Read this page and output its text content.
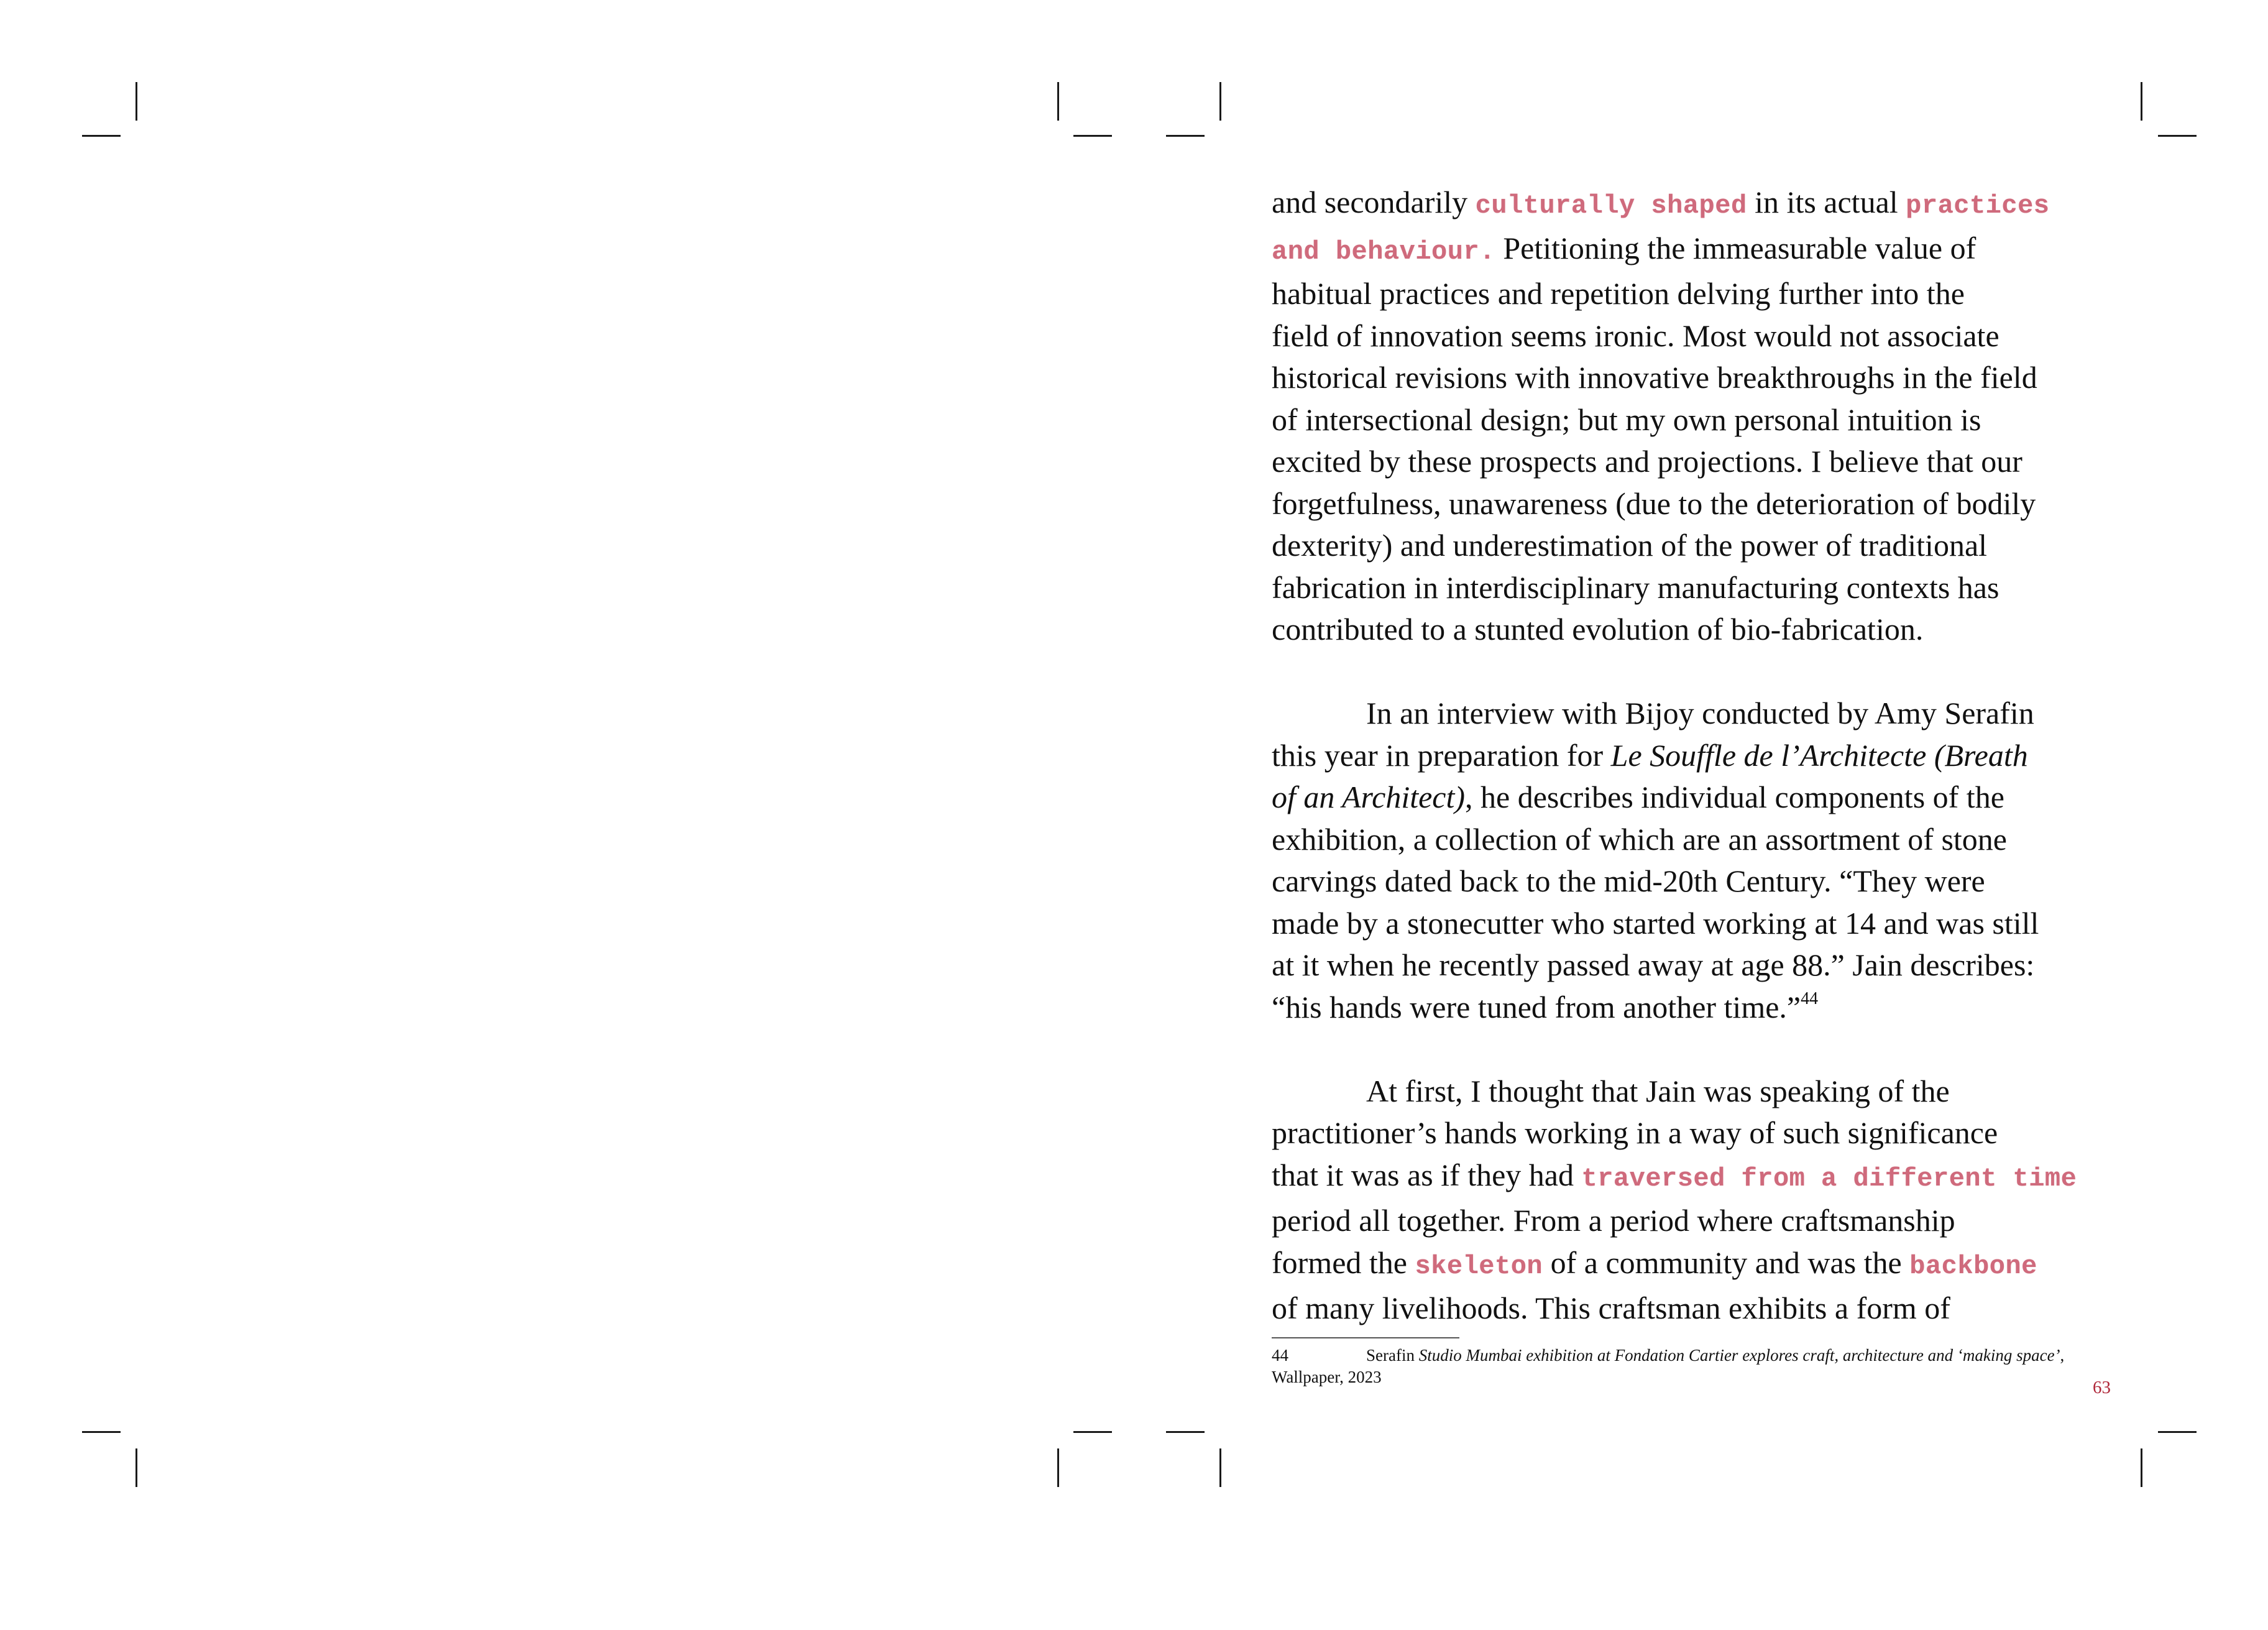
and secondarily culturally shaped in its actual practices
and behaviour. Petitioning the immeasurable value of
habitual practices and repetition delving further into the
field of innovation seems ironic. Most would not associate
historical revisions with innovative breakthroughs in the field
of intersectional design; but my own personal intuition is
excited by these prospects and projections. I believe that our
forgetfulness, unawareness (due to the deterioration of bodily
dexterity) and underestimation of the power of traditional
fabrication in interdisciplinary manufacturing contexts has
contributed to a stunted evolution of bio-fabrication.

In an interview with Bijoy conducted by Amy Serafin
this year in preparation for Le Souffle de l’Architecte (Breath
of an Architect), he describes individual components of the
exhibition, a collection of which are an assortment of stone
carvings dated back to the mid-20th Century. “They were
made by a stonecutter who started working at 14 and was still
at it when he recently passed away at age 88.” Jain describes:
“his hands were tuned from another time.”$^{44}$

At first, I thought that Jain was speaking of the
practitioner’s hands working in a way of such significance
that it was as if they had traversed from a different time
period all together. From a period where craftsmanship
formed the skeleton of a community and was the backbone
of many livelihoods. This craftsman exhibits a form of

44	Serafin Studio Mumbai exhibition at Fondation Cartier explores craft, architecture and ‘making space’, Wallpaper, 2023
63
